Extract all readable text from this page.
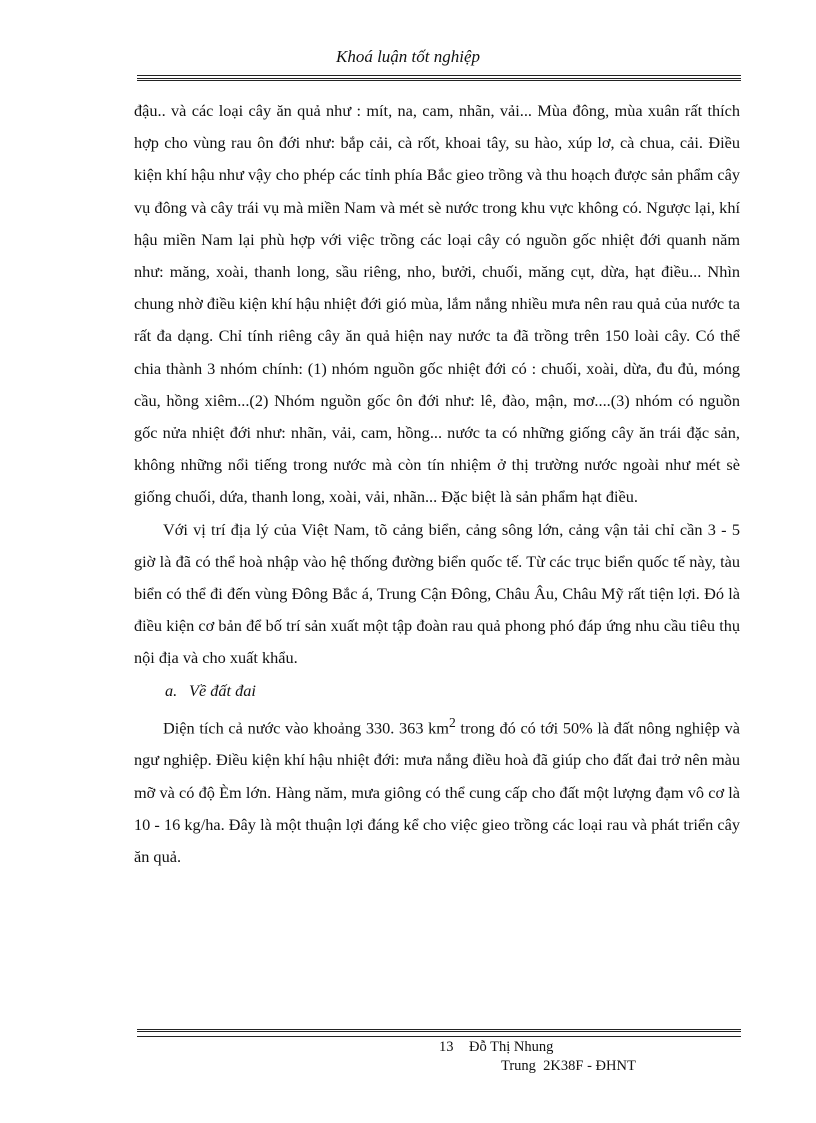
Khoá luận tốt nghiệp

đậu.. và các loại cây ăn quả như : mít, na, cam, nhãn, vải... Mùa đông, mùa xuân rất thích hợp cho vùng rau ôn đới như: bắp cải, cà rốt, khoai tây, su hào, xúp lơ, cà chua, cải. Điều kiện khí hậu như vậy cho phép các tỉnh phía Bắc gieo trồng và thu hoạch được sản phẩm cây vụ đông và cây trái vụ mà miền Nam và mét sè nước trong khu vực không có. Ngược lại, khí hậu miền Nam lại phù hợp với việc trồng các loại cây có nguồn gốc nhiệt đới quanh năm như: măng, xoài, thanh long, sầu riêng, nho, bưởi, chuối, măng cụt, dừa, hạt điều... Nhìn chung nhờ điều kiện khí hậu nhiệt đới gió mùa, lắm nắng nhiều mưa nên rau quả của nước ta rất đa dạng. Chỉ tính riêng cây ăn quả hiện nay nước ta đã trồng trên 150 loài cây. Có thể chia thành 3 nhóm chính: (1) nhóm nguồn gốc nhiệt đới có : chuối, xoài, dừa, đu đủ, móng cầu, hồng xiêm...(2) Nhóm nguồn gốc ôn đới như: lê, đào, mận, mơ....(3) nhóm có nguồn gốc nửa nhiệt đới như: nhãn, vải, cam, hồng... nước ta có những giống cây ăn trái đặc sản, không những nổi tiếng trong nước mà còn tín nhiệm ở thị trường nước ngoài như mét sè giống chuối, dứa, thanh long, xoài, vải, nhãn... Đặc biệt là sản phẩm hạt điều.

Với vị trí địa lý của Việt Nam, tõ cảng biển, cảng sông lớn, cảng vận tải chỉ cần 3 - 5 giờ là đã có thể hoà nhập vào hệ thống đường biển quốc tế. Từ các trục biển quốc tế này, tàu biển có thể đi đến vùng Đông Bắc á, Trung Cận Đông, Châu Âu, Châu Mỹ rất tiện lợi. Đó là điều kiện cơ bản để bố trí sản xuất một tập đoàn rau quả phong phó đáp ứng nhu cầu tiêu thụ nội địa và cho xuất khẩu.

a. Về đất đai

Diện tích cả nước vào khoảng 330. 363 $km^2$ trong đó có tới 50% là đất nông nghiệp và ngư nghiệp. Điều kiện khí hậu nhiệt đới: mưa nắng điều hoà đã giúp cho đất đai trở nên màu mỡ và có độ Èm lớn. Hàng năm, mưa giông có thể cung cấp cho đất một lượng đạm vô cơ là 10 - 16 kg/ha. Đây là một thuận lợi đáng kể cho việc gieo trồng các loại rau và phát triển cây ăn quả.

13 Đỗ Thị Nhung
Trung  2K38F - ĐHNT
